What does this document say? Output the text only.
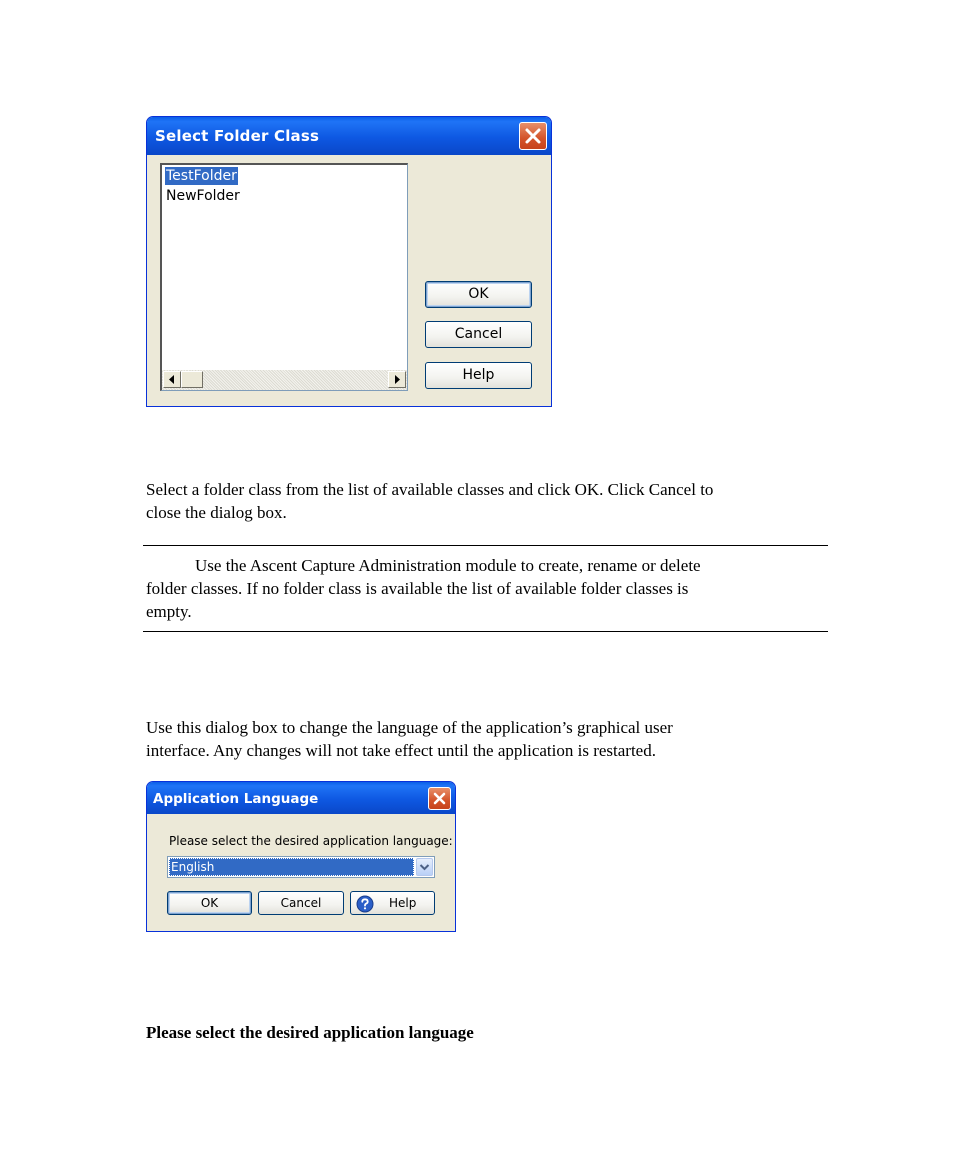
Select Folder Class
TestFolder
NewFolder
OK
Cancel
Help

Select a folder class from the list of available classes and click OK. Click Cancel to
close the dialog box.

Use the Ascent Capture Administration module to create, rename or delete
folder classes. If no folder class is available the list of available folder classes is
empty.

Use this dialog box to change the language of the application’s graphical user
interface. Any changes will not take effect until the application is restarted.

Application Language
Please select the desired application language:
English
OK	Cancel	Help

Please select the desired application language
